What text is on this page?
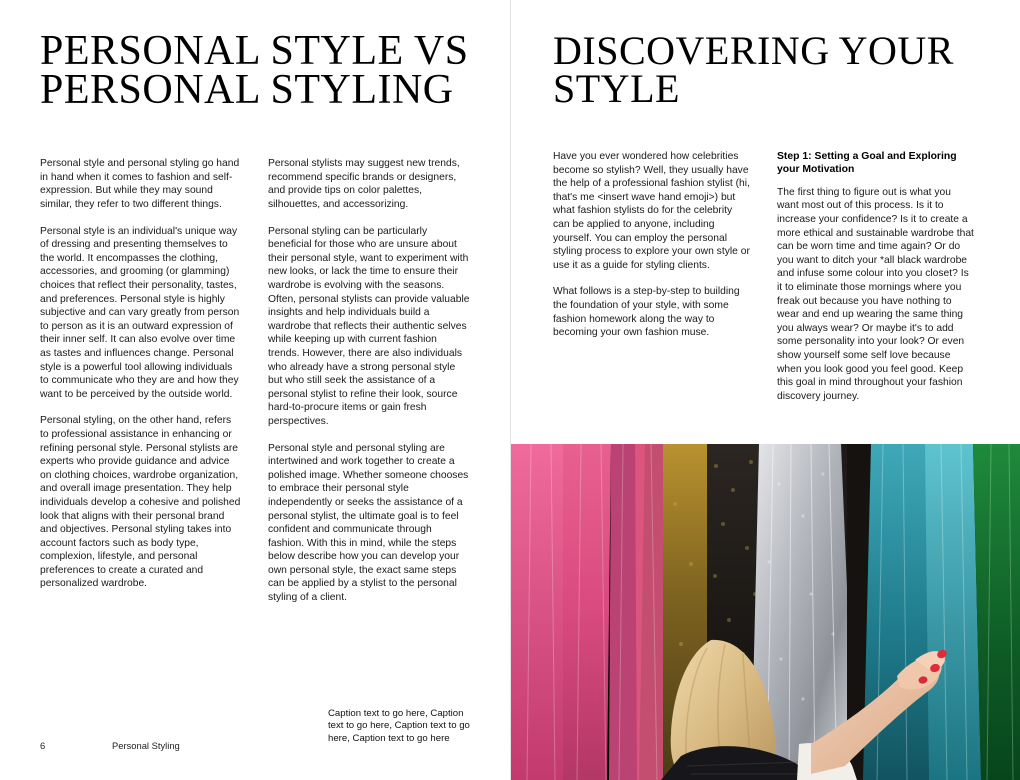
PERSONAL STYLE VS PERSONAL STYLING

Personal style and personal styling go hand in hand when it comes to fashion and self-expression. But while they may sound similar, they refer to two different things.

Personal style is an individual's unique way of dressing and presenting themselves to the world. It encompasses the clothing, accessories, and grooming (or glamming) choices that reflect their personality, tastes, and preferences. Personal style is highly subjective and can vary greatly from person to person as it is an outward expression of their inner self. It can also evolve over time as tastes and influences change. Personal style is a powerful tool allowing individuals to communicate who they are and how they want to be perceived by the outside world.

Personal styling, on the other hand, refers to professional assistance in enhancing or refining personal style. Personal stylists are experts who provide guidance and advice on clothing choices, wardrobe organization, and overall image presentation. They help individuals develop a cohesive and polished look that aligns with their personal brand and objectives. Personal styling takes into account factors such as body type, complexion, lifestyle, and personal preferences to create a curated and personalized wardrobe.

Personal stylists may suggest new trends, recommend specific brands or designers, and provide tips on color palettes, silhouettes, and accessorizing.

Personal styling can be particularly beneficial for those who are unsure about their personal style, want to experiment with new looks, or lack the time to ensure their wardrobe is evolving with the seasons. Often, personal stylists can provide valuable insights and help individuals build a wardrobe that reflects their authentic selves while keeping up with current fashion trends. However, there are also individuals who already have a strong personal style but who still seek the assistance of a personal stylist to refine their look, source hard-to-procure items or gain fresh perspectives.

Personal style and personal styling are intertwined and work together to create a polished image. Whether someone chooses to embrace their personal style independently or seeks the assistance of a personal stylist, the ultimate goal is to feel confident and communicate through fashion. With this in mind, while the steps below describe how you can develop your own personal style, the exact same steps can be applied by a stylist to the personal styling of a client.

Caption text to go here, Caption text to go here, Caption text to go here, Caption text to go here
6	Personal Styling
DISCOVERING YOUR STYLE

Have you ever wondered how celebrities become so stylish? Well, they usually have the help of a professional fashion stylist (hi, that's me <insert wave hand emoji>) but what fashion stylists do for the celebrity can be applied to anyone, including yourself. You can employ the personal styling process to explore your own style or use it as a guide for styling clients.

What follows is a step-by-step to building the foundation of your style, with some fashion homework along the way to becoming your own fashion muse.

Step 1: Setting a Goal and Exploring your Motivation

The first thing to figure out is what you want most out of this process. Is it to increase your confidence? Is it to create a more ethical and sustainable wardrobe that can be worn time and time again? Or do you want to ditch your *all black wardrobe and infuse some colour into you closet? Is it to eliminate those mornings where you freak out because you have nothing to wear and end up wearing the same thing you always wear? Or maybe it's to add some personality into your look? Or even show yourself some self love because when you look good you feel good. Keep this goal in mind throughout your fashion discovery journey.
